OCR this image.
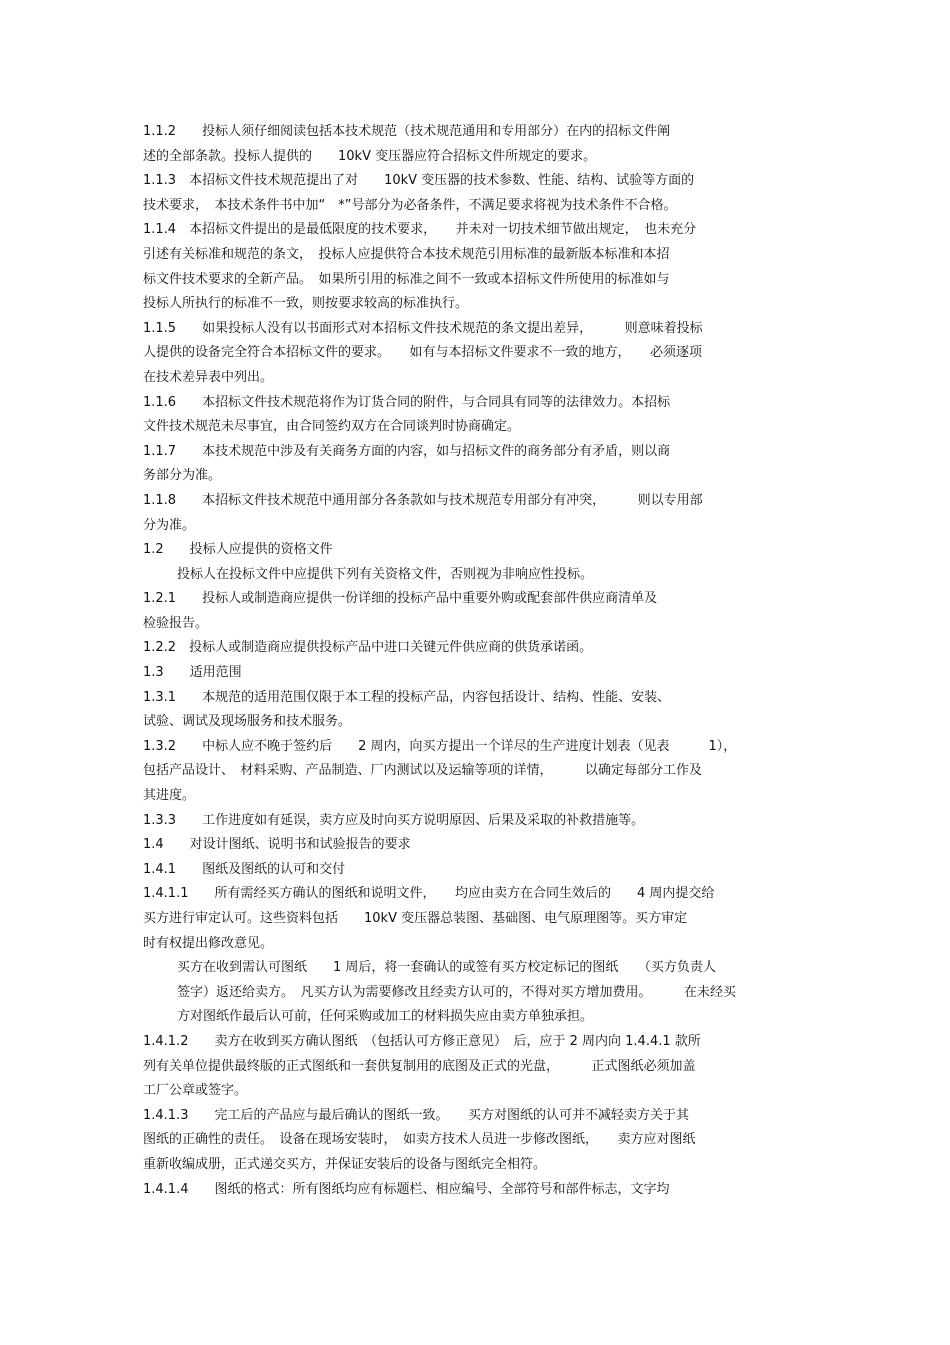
1.1.2　　投标人须仔细阅读包括本技术规范（技术规范通用和专用部分）在内的招标文件阐
述的全部条款。投标人提供的　　10kV 变压器应符合招标文件所规定的要求。
1.1.3　本招标文件技术规范提出了对　　10kV 变压器的技术参数、性能、结构、试验等方面的
技术要求，　本技术条件书中加“　*”号部分为必备条件，不满足要求将视为技术条件不合格。
1.1.4　本招标文件提出的是最低限度的技术要求，　　并未对一切技术细节做出规定，　也未充分
引述有关标准和规范的条文，　投标人应提供符合本技术规范引用标准的最新版本标准和本招
标文件技术要求的全新产品。　如果所引用的标准之间不一致或本招标文件所使用的标准如与
投标人所执行的标准不一致，则按要求较高的标准执行。
1.1.5　　如果投标人没有以书面形式对本招标文件技术规范的条文提出差异，　　　则意味着投标
人提供的设备完全符合本招标文件的要求。　　如有与本招标文件要求不一致的地方，　　必须逐项
在技术差异表中列出。
1.1.6　　本招标文件技术规范将作为订货合同的附件，与合同具有同等的法律效力。本招标
文件技术规范未尽事宜，由合同签约双方在合同谈判时协商确定。
1.1.7　　本技术规范中涉及有关商务方面的内容，如与招标文件的商务部分有矛盾，则以商
务部分为准。
1.1.8　　本招标文件技术规范中通用部分各条款如与技术规范专用部分有冲突，　　　则以专用部
分为准。
1.2　　投标人应提供的资格文件
投标人在投标文件中应提供下列有关资格文件，否则视为非响应性投标。
1.2.1　　投标人或制造商应提供一份详细的投标产品中重要外购或配套部件供应商清单及
检验报告。
1.2.2　投标人或制造商应提供投标产品中进口关键元件供应商的供货承诺函。
1.3　　适用范围
1.3.1　　本规范的适用范围仅限于本工程的投标产品，内容包括设计、结构、性能、安装、
试验、调试及现场服务和技术服务。
1.3.2　　中标人应不晚于签约后　　2 周内，向买方提出一个详尽的生产进度计划表（见表　　　1），
包括产品设计、　材料采购、产品制造、厂内测试以及运输等项的详情，　　　以确定每部分工作及
其进度。
1.3.3　　工作进度如有延误，卖方应及时向买方说明原因、后果及采取的补救措施等。
1.4　　对设计图纸、说明书和试验报告的要求
1.4.1　　图纸及图纸的认可和交付
1.4.1.1　　所有需经买方确认的图纸和说明文件，　　均应由卖方在合同生效后的　　4 周内提交给
买方进行审定认可。这些资料包括　　10kV 变压器总装图、基础图、电气原理图等。买方审定
时有权提出修改意见。
买方在收到需认可图纸　　1 周后，将一套确认的或签有买方校定标记的图纸　　（买方负责人
签字）返还给卖方。　凡买方认为需要修改且经卖方认可的，不得对买方增加费用。　　　在未经买
方对图纸作最后认可前，任何采购或加工的材料损失应由卖方单独承担。
1.4.1.2　　卖方在收到买方确认图纸　（包括认可方修正意见）　后，应于 2 周内向 1.4.4.1 款所
列有关单位提供最终版的正式图纸和一套供复制用的底图及正式的光盘，　　　正式图纸必须加盖
工厂公章或签字。
1.4.1.3　　完工后的产品应与最后确认的图纸一致。　　买方对图纸的认可并不减轻卖方关于其
图纸的正确性的责任。　设备在现场安装时，　如卖方技术人员进一步修改图纸，　　卖方应对图纸
重新收编成册，正式递交买方，并保证安装后的设备与图纸完全相符。
1.4.1.4　　图纸的格式：所有图纸均应有标题栏、相应编号、全部符号和部件标志，文字均
